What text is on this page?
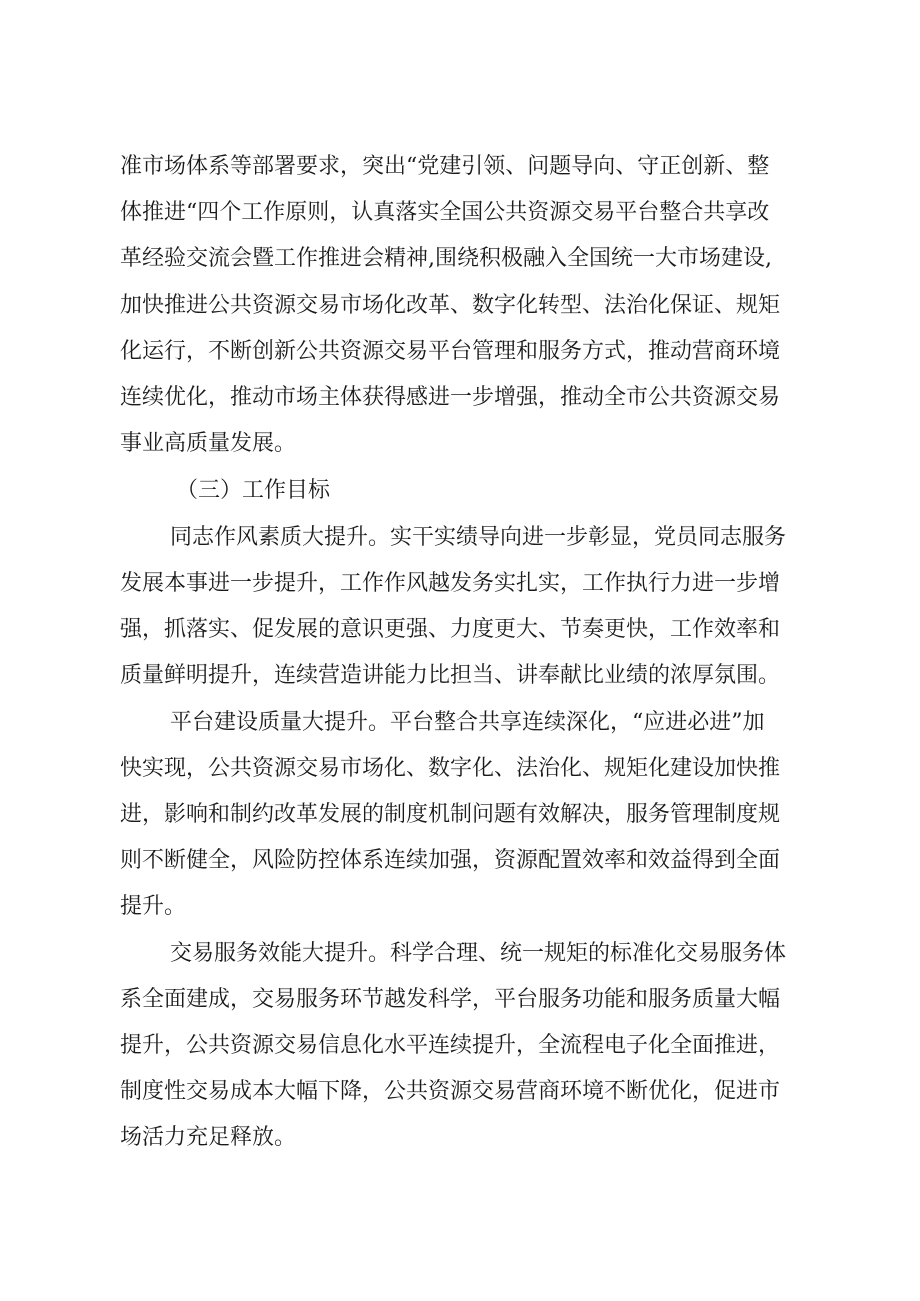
准市场体系等部署要求，突出“党建引领、问题导向、守正创新、整
体推进“四个工作原则，认真落实全国公共资源交易平台整合共享改
革经验交流会暨工作推进会精神,围绕积极融入全国统一大市场建设,
加快推进公共资源交易市场化改革、数字化转型、法治化保证、规矩
化运行，不断创新公共资源交易平台管理和服务方式，推动营商环境
连续优化，推动市场主体获得感进一步增强，推动全市公共资源交易
事业高质量发展。
（三）工作目标
同志作风素质大提升。实干实绩导向进一步彰显，党员同志服务
发展本事进一步提升，工作作风越发务实扎实，工作执行力进一步增
强，抓落实、促发展的意识更强、力度更大、节奏更快，工作效率和
质量鲜明提升，连续营造讲能力比担当、讲奉献比业绩的浓厚氛围。
平台建设质量大提升。平台整合共享连续深化，“应进必进”加
快实现，公共资源交易市场化、数字化、法治化、规矩化建设加快推
进，影响和制约改革发展的制度机制问题有效解决，服务管理制度规
则不断健全，风险防控体系连续加强，资源配置效率和效益得到全面
提升。
交易服务效能大提升。科学合理、统一规矩的标准化交易服务体
系全面建成，交易服务环节越发科学，平台服务功能和服务质量大幅
提升，公共资源交易信息化水平连续提升，全流程电子化全面推进，
制度性交易成本大幅下降，公共资源交易营商环境不断优化，促进市
场活力充足释放。
